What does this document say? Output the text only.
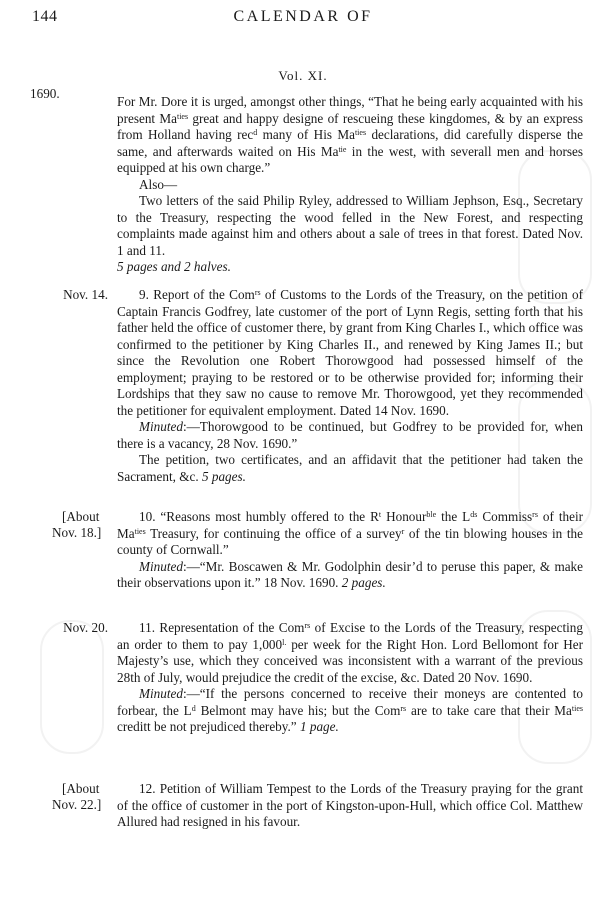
144	CALENDAR OF
Vol. XI.
1690.
Nov. 14.
[About
Nov. 18.]
Nov. 20.
[About
Nov. 22.]

For Mr. Dore it is urged, amongst other things, “That he being early acquainted with his present $Ma^{ties}$ great and happy designe of rescueing these kingdomes, & by an express from Holland having rec$^d$ many of His $Ma^{ties}$ declarations, did carefully disperse the same, and afterwards waited on His $Ma^{tie}$ in the west, with severall men and horses equipped at his own charge.”

Also—

Two letters of the said Philip Ryley, addressed to William Jephson, Esq., Secretary to the Treasury, respecting the wood felled in the New Forest, and respecting complaints made against him and others about a sale of trees in that forest. Dated Nov. 1 and 11.

5 pages and 2 halves.

9. Report of the Com$^{rs}$ of Customs to the Lords of the Treasury, on the petition of Captain Francis Godfrey, late customer of the port of Lynn Regis, setting forth that his father held the office of customer there, by grant from King Charles I., which office was confirmed to the petitioner by King Charles II., and renewed by King James II.; but since the Revolution one Robert Thorowgood had possessed himself of the employment; praying to be restored or to be otherwise provided for; informing their Lordships that they saw no cause to remove Mr. Thorowgood, yet they recommended the petitioner for equivalent employment. Dated 14 Nov. 1690.

Minuted:—Thorowgood to be continued, but Godfrey to be provided for, when there is a vacancy, 28 Nov. 1690.”

The petition, two certificates, and an affidavit that the petitioner had taken the Sacrament, &c. 5 pages.

10. “Reasons most humbly offered to the $R^t$ Honour$^{ble}$ the $L^{ds}$ Commiss$^{rs}$ of their $Ma^{ties}$ Treasury, for continuing the office of a survey$^r$ of the tin blowing houses in the county of Cornwall.”

Minuted:—“Mr. Boscawen & Mr. Godolphin desir’d to peruse this paper, & make their observations upon it.” 18 Nov. 1690. 2 pages.

11. Representation of the Com$^{rs}$ of Excise to the Lords of the Treasury, respecting an order to them to pay $1,000^{l.}$ per week for the Right Hon. Lord Bellomont for Her Majesty’s use, which they conceived was inconsistent with a warrant of the previous 28th of July, would prejudice the credit of the excise, &c. Dated 20 Nov. 1690.

Minuted:—“If the persons concerned to receive their moneys are contented to forbear, the $L^d$ Belmont may have his; but the Com$^{rs}$ are to take care that their $Ma^{ties}$ creditt be not prejudiced thereby.” 1 page.

12. Petition of William Tempest to the Lords of the Treasury praying for the grant of the office of customer in the port of Kingston-upon-Hull, which office Col. Matthew Allured had resigned in his favour.
